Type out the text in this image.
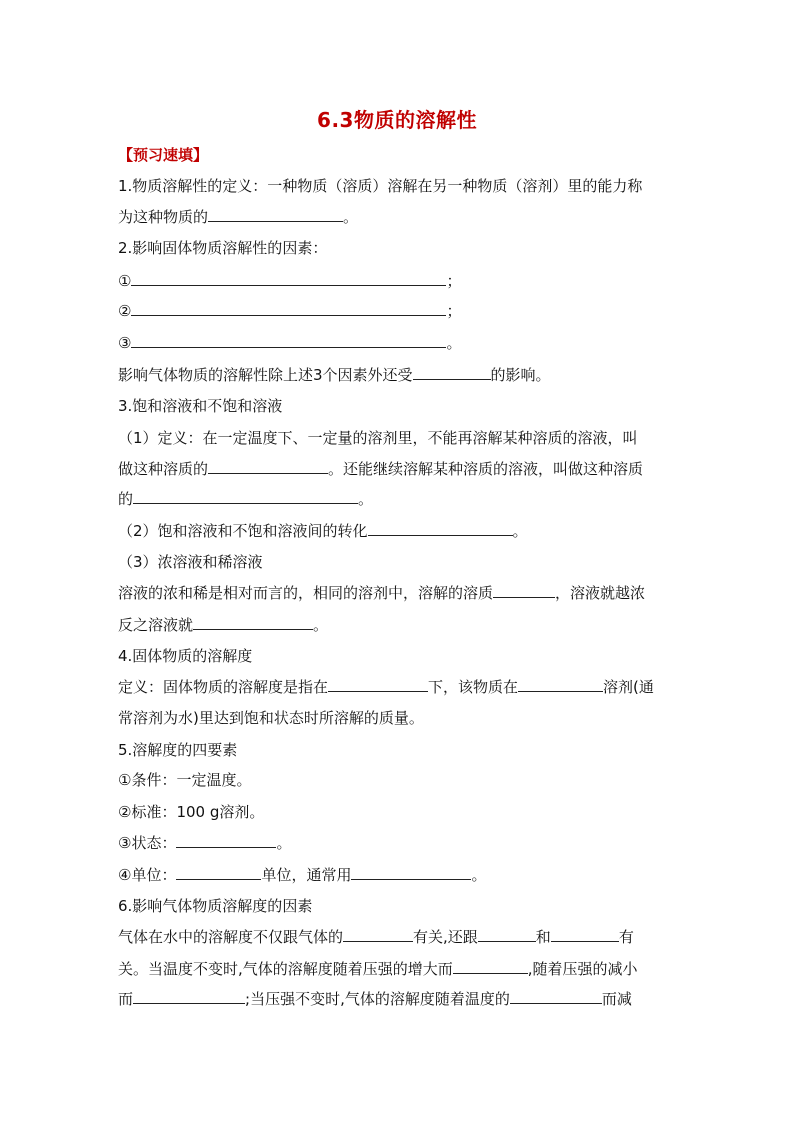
6.3物质的溶解性
【预习速填】
1.物质溶解性的定义：一种物质（溶质）溶解在另一种物质（溶剂）里的能力称
为这种物质的	。
2.影响固体物质溶解性的因素：
①	；
②	；
③	。
影响气体物质的溶解性除上述3个因素外还受	的影响。
3.饱和溶液和不饱和溶液
（1）定义：在一定温度下、一定量的溶剂里，不能再溶解某种溶质的溶液，叫
做这种溶质的	。还能继续溶解某种溶质的溶液，叫做这种溶质
的	。
（2）饱和溶液和不饱和溶液间的转化	。
（3）浓溶液和稀溶液
溶液的浓和稀是相对而言的，相同的溶剂中，溶解的溶质	，溶液就越浓
反之溶液就	。
4.固体物质的溶解度
定义：固体物质的溶解度是指在	下，该物质在	溶剂(通
常溶剂为水)里达到饱和状态时所溶解的质量。
5.溶解度的四要素
①条件：一定温度。
②标准：100 g溶剂。
③状态：	。
④单位：	单位，通常用	。
6.影响气体物质溶解度的因素
气体在水中的溶解度不仅跟气体的	有关,还跟	和	有
关。当温度不变时,气体的溶解度随着压强的增大而	,随着压强的减小
而	;当压强不变时,气体的溶解度随着温度的	而减
